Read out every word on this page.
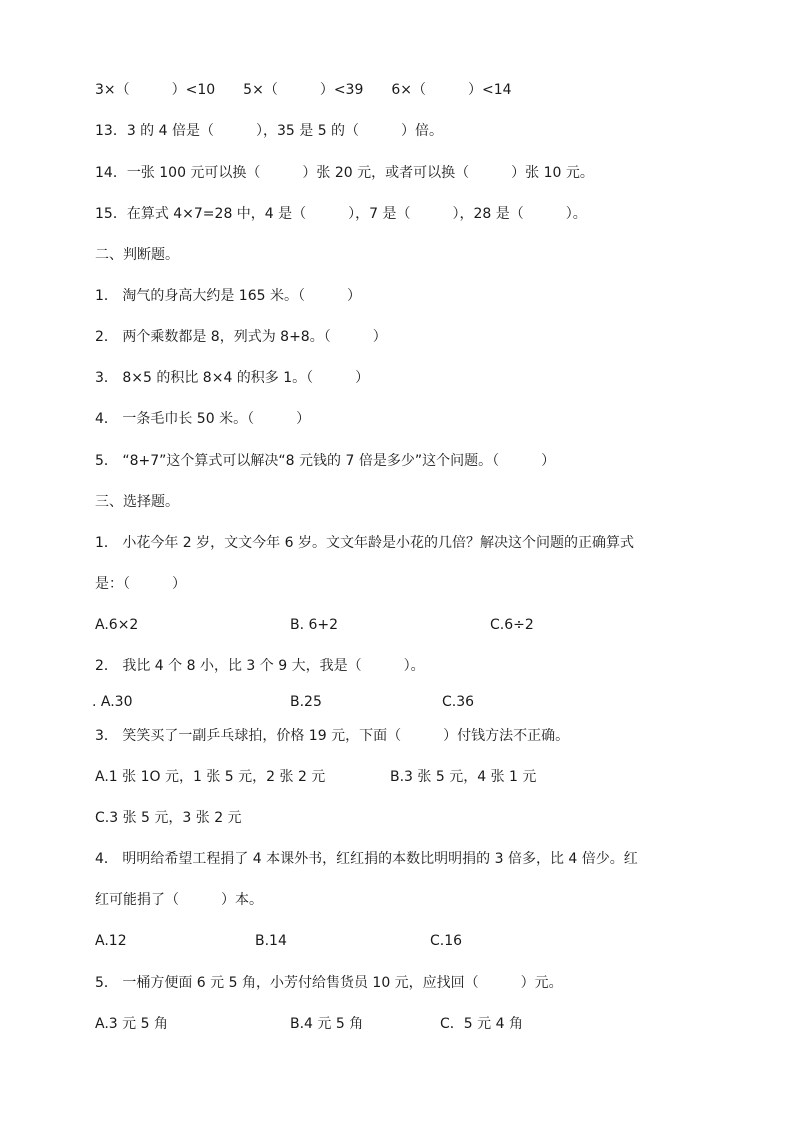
3×（　　　）<10　　5×（　　　）<39　　6×（　　　）<14
13．3 的 4 倍是（　　　），35 是 5 的（　　　）倍。
14．一张 100 元可以换（　　　）张 20 元，或者可以换（　　　）张 10 元。
15．在算式 4×7=28 中，4 是（　　　），7 是（　　　），28 是（　　　）。
二、判断题。
1． 淘气的身高大约是 165 米。（　　　）
2． 两个乘数都是 8，列式为 8+8。（　　　）
3． 8×5 的积比 8×4 的积多 1。（　　　）
4． 一条毛巾长 50 米。（　　　）
5． “8+7”这个算式可以解决“8 元钱的 7 倍是多少”这个问题。（　　　）
三、选择题。
1． 小花今年 2 岁，文文今年 6 岁。文文年龄是小花的几倍？解决这个问题的正确算式
是：（　　　）
A.6×2	B. 6+2	C.6÷2
2． 我比 4 个 8 小，比 3 个 9 大，我是（　　　）。
. A.30	B.25	C.36
3． 笑笑买了一副乒乓球拍，价格 19 元，下面（　　　）付钱方法不正确。
A.1 张 1O 元，1 张 5 元，2 张 2 元	B.3 张 5 元，4 张 1 元
C.3 张 5 元，3 张 2 元
4． 明明给希望工程捐了 4 本课外书，红红捐的本数比明明捐的 3 倍多，比 4 倍少。红
红可能捐了（　　　）本。
A.12	B.14	C.16
5． 一桶方便面 6 元 5 角，小芳付给售货员 10 元，应找回（　　　）元。
A.3 元 5 角	B.4 元 5 角	C．5 元 4 角
